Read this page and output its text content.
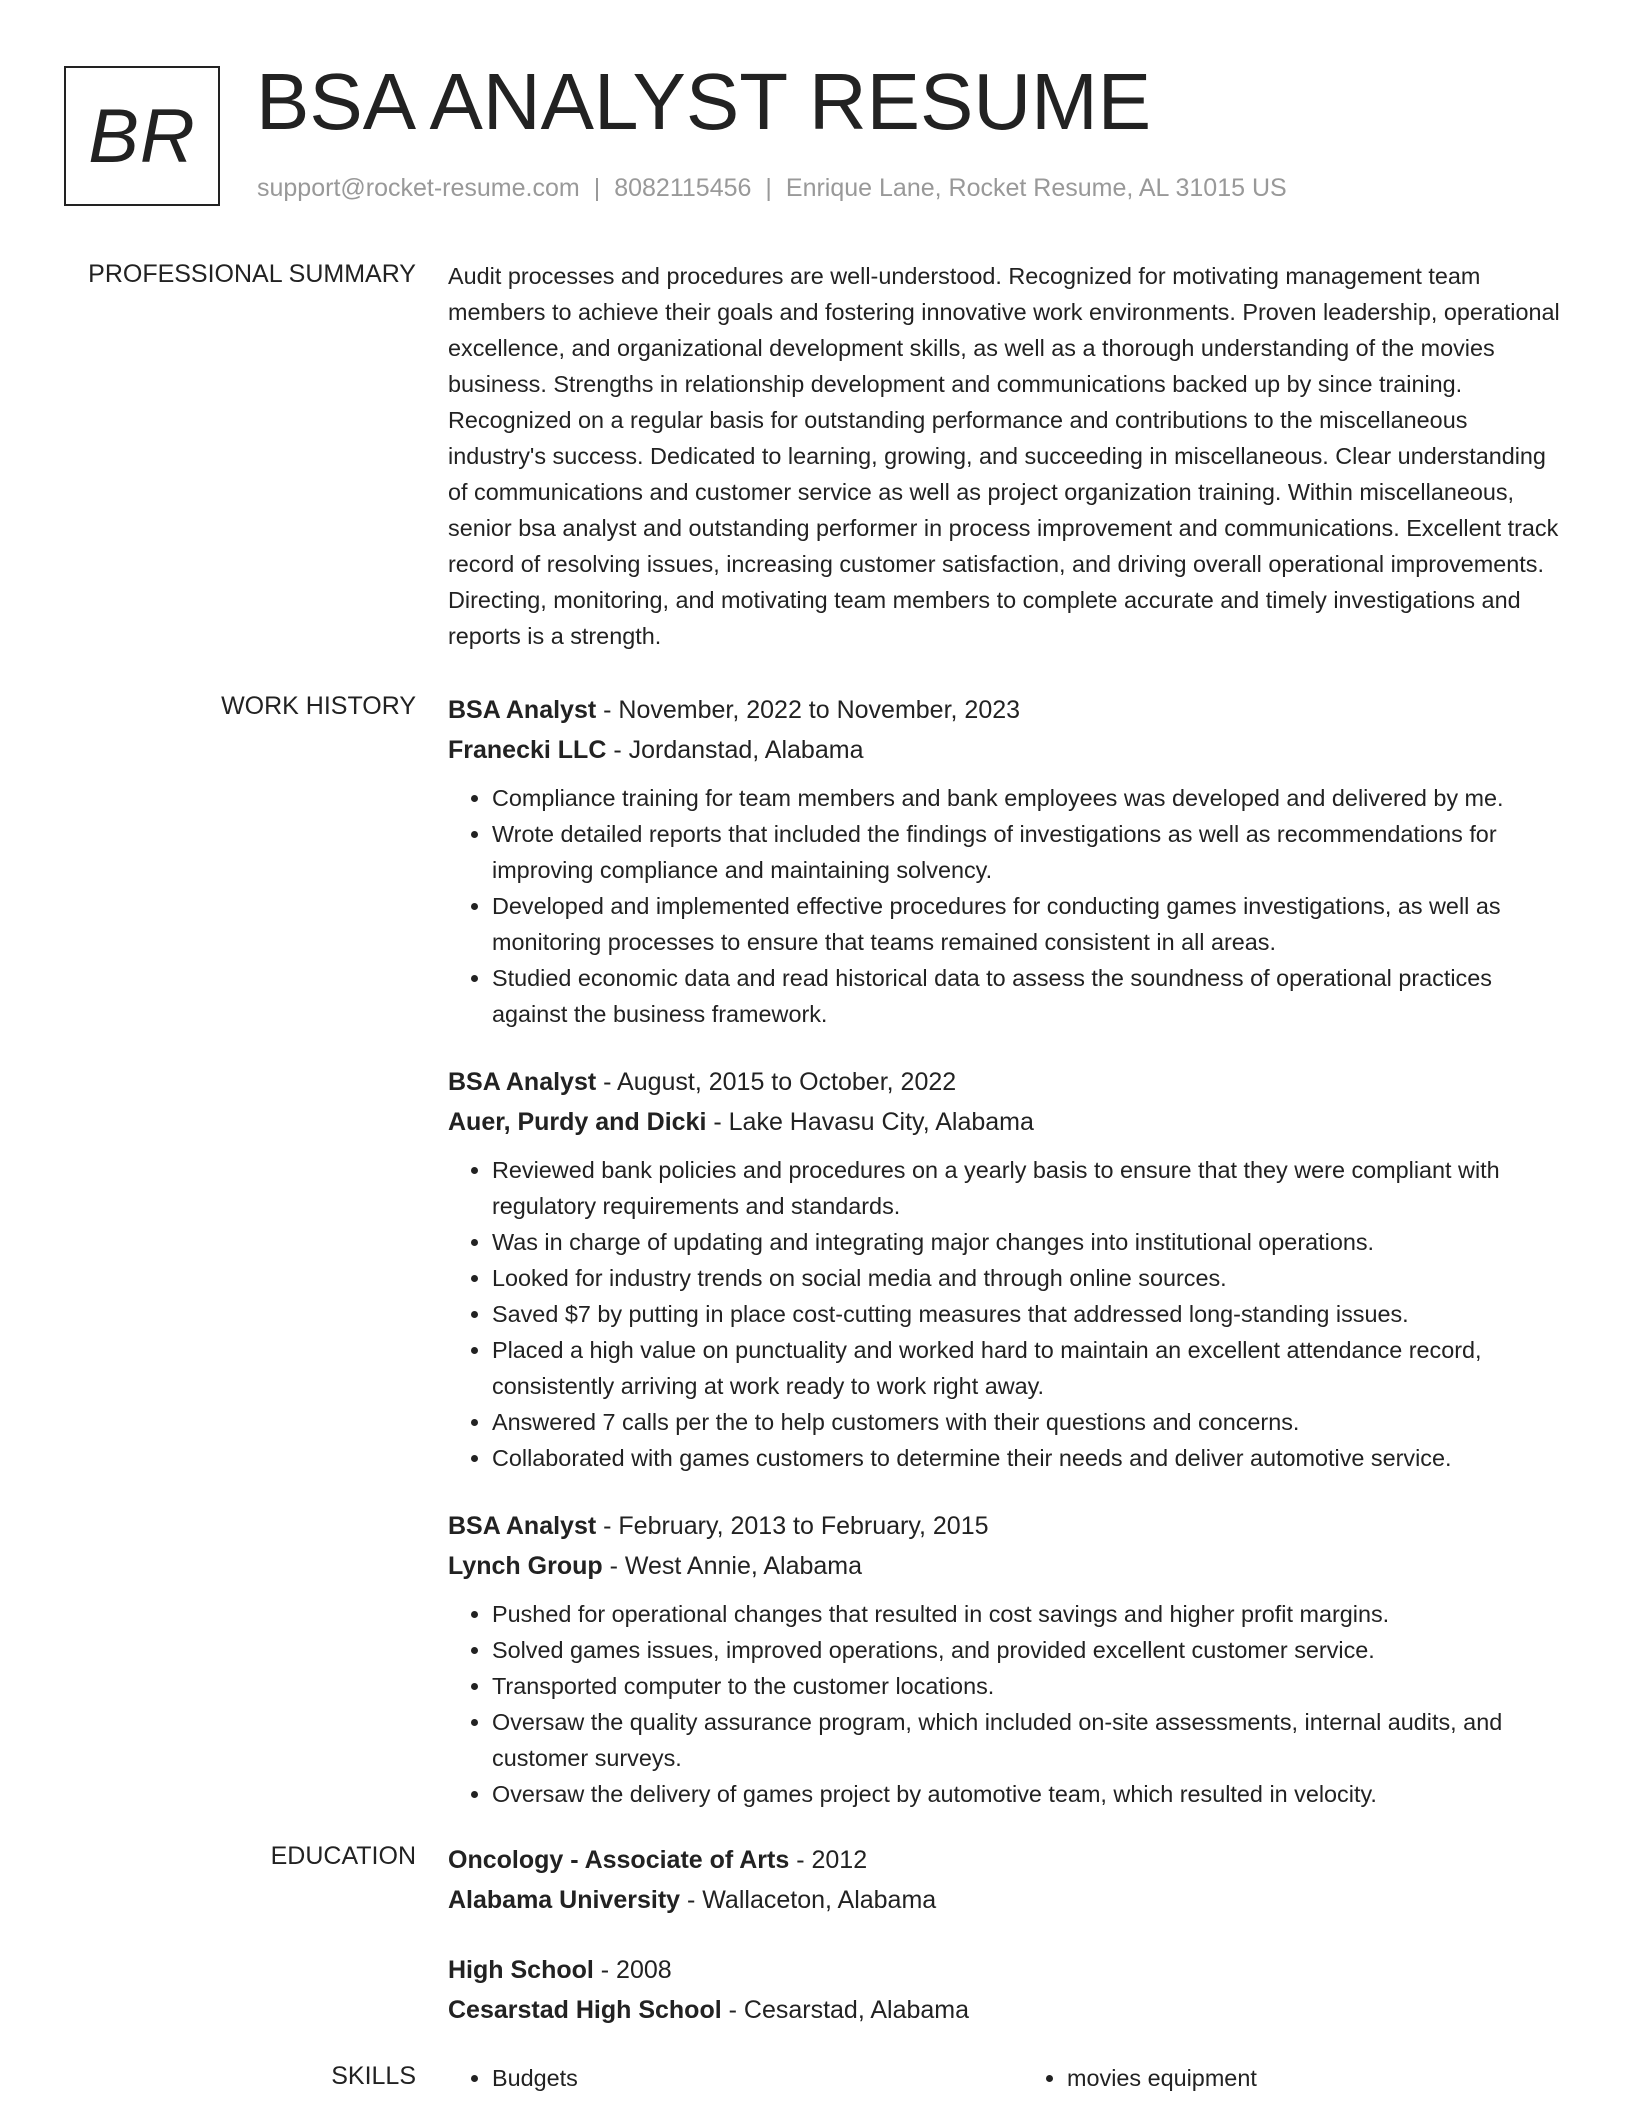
BR BSA ANALYST RESUME
support@rocket-resume.com | 8082115456 | Enrique Lane, Rocket Resume, AL 31015 US
PROFESSIONAL SUMMARY Audit processes and procedures are well-understood. Recognized for motivating management team members to achieve their goals and fostering innovative work environments. Proven leadership, operational excellence, and organizational development skills, as well as a thorough understanding of the movies business. Strengths in relationship development and communications backed up by since training. Recognized on a regular basis for outstanding performance and contributions to the miscellaneous industry's success. Dedicated to learning, growing, and succeeding in miscellaneous. Clear understanding of communications and customer service as well as project organization training. Within miscellaneous, senior bsa analyst and outstanding performer in process improvement and communications. Excellent track record of resolving issues, increasing customer satisfaction, and driving overall operational improvements. Directing, monitoring, and motivating team members to complete accurate and timely investigations and reports is a strength.

WORK HISTORY BSA Analyst - November, 2022 to November, 2023
Franecki LLC - Jordanstad, Alabama
• Compliance training for team members and bank employees was developed and delivered by me.
• Wrote detailed reports that included the findings of investigations as well as recommendations for improving compliance and maintaining solvency.
• Developed and implemented effective procedures for conducting games investigations, as well as monitoring processes to ensure that teams remained consistent in all areas.
• Studied economic data and read historical data to assess the soundness of operational practices against the business framework.
BSA Analyst - August, 2015 to October, 2022
Auer, Purdy and Dicki - Lake Havasu City, Alabama
• Reviewed bank policies and procedures on a yearly basis to ensure that they were compliant with regulatory requirements and standards.
• Was in charge of updating and integrating major changes into institutional operations.
• Looked for industry trends on social media and through online sources.
• Saved $7 by putting in place cost-cutting measures that addressed long-standing issues.
• Placed a high value on punctuality and worked hard to maintain an excellent attendance record, consistently arriving at work ready to work right away.
• Answered 7 calls per the to help customers with their questions and concerns.
• Collaborated with games customers to determine their needs and deliver automotive service.
BSA Analyst - February, 2013 to February, 2015
Lynch Group - West Annie, Alabama
• Pushed for operational changes that resulted in cost savings and higher profit margins.
• Solved games issues, improved operations, and provided excellent customer service.
• Transported computer to the customer locations.
• Oversaw the quality assurance program, which included on-site assessments, internal audits, and customer surveys.
• Oversaw the delivery of games project by automotive team, which resulted in velocity.
EDUCATION Oncology - Associate of Arts - 2012
Alabama University - Wallaceton, Alabama
High School - 2008
Cesarstad High School - Cesarstad, Alabama
SKILLS	• Budgets	• movies equipment
